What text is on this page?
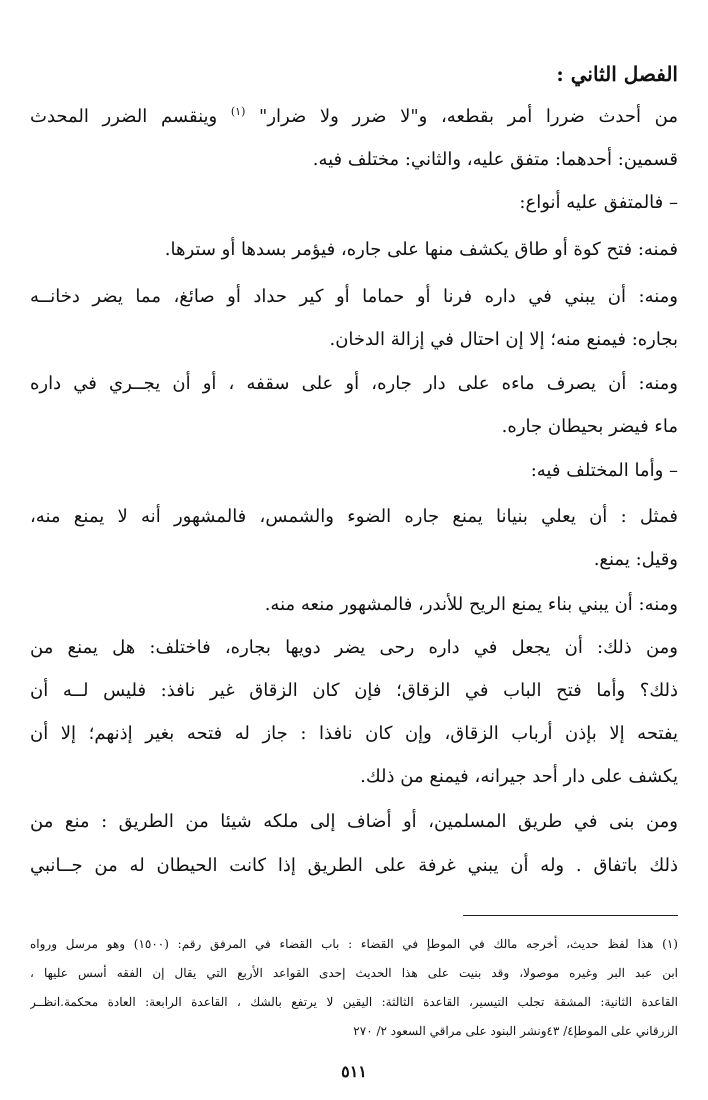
الفصل الثاني :

من أحدث ضررا أمر بقطعه، و"لا ضرر ولا ضرار" $^{(١)}$ وينقسم الضرر المحدث

قسمين: أحدهما: متفق عليه، والثاني: مختلف فيه.

– فالمتفق عليه أنواع:

فمنه: فتح كوة أو طاق يكشف منها على جاره، فيؤمر بسدها أو سترها.

ومنه: أن يبني في داره فرنا أو حماما أو كير حداد أو صائغ، مما يضر دخانــه

بجاره: فيمنع منه؛ إلا إن احتال في إزالة الدخان.

ومنه: أن يصرف ماءه على دار جاره، أو على سقفه ، أو أن يجــري في داره

ماء فيضر بحيطان جاره.

– وأما المختلف فيه:

فمثل : أن يعلي بنيانا يمنع جاره الضوء والشمس، فالمشهور أنه لا يمنع منه،

وقيل: يمنع.

ومنه: أن يبني بناء يمنع الريح للأندر، فالمشهور منعه منه.

ومن ذلك: أن يجعل في داره رحى يضر دويها بجاره، فاختلف: هل يمنع من

ذلك؟ وأما فتح الباب في الزقاق؛ فإن كان الزقاق غير نافذ: فليس لــه أن

يفتحه إلا بإذن أرباب الزقاق، وإن كان نافذا : جاز له فتحه بغير إذنهم؛ إلا أن

يكشف على دار أحد جيرانه، فيمنع من ذلك.

ومن بنى في طريق المسلمين، أو أضاف إلى ملكه شيئا من الطريق : منع من

ذلك باتفاق . وله أن يبني غرفة على الطريق إذا كانت الحيطان له من جــانبي

(١) هذا لفظ حديث، أخرجه مالك في الموطإ في القضاء : باب القضاء في المرفق رقم: (١٥٠٠) وهو مرسل ورواه

ابن عبد البر وغيره موصولا، وقد بنيت على هذا الحديث إحدى القواعد الأربع التي يقال إن الفقه أسس عليها ،

القاعدة الثانية: المشقة تجلب التيسير، القاعدة الثالثة: اليقين لا يرتفع بالشك ، القاعدة الرابعة: العادة محكمة.انظــر

الزرقاني على الموطإ٤/ ٤٣ونشر البنود على مراقي السعود ٢/ ٢٧٠

٥١١
